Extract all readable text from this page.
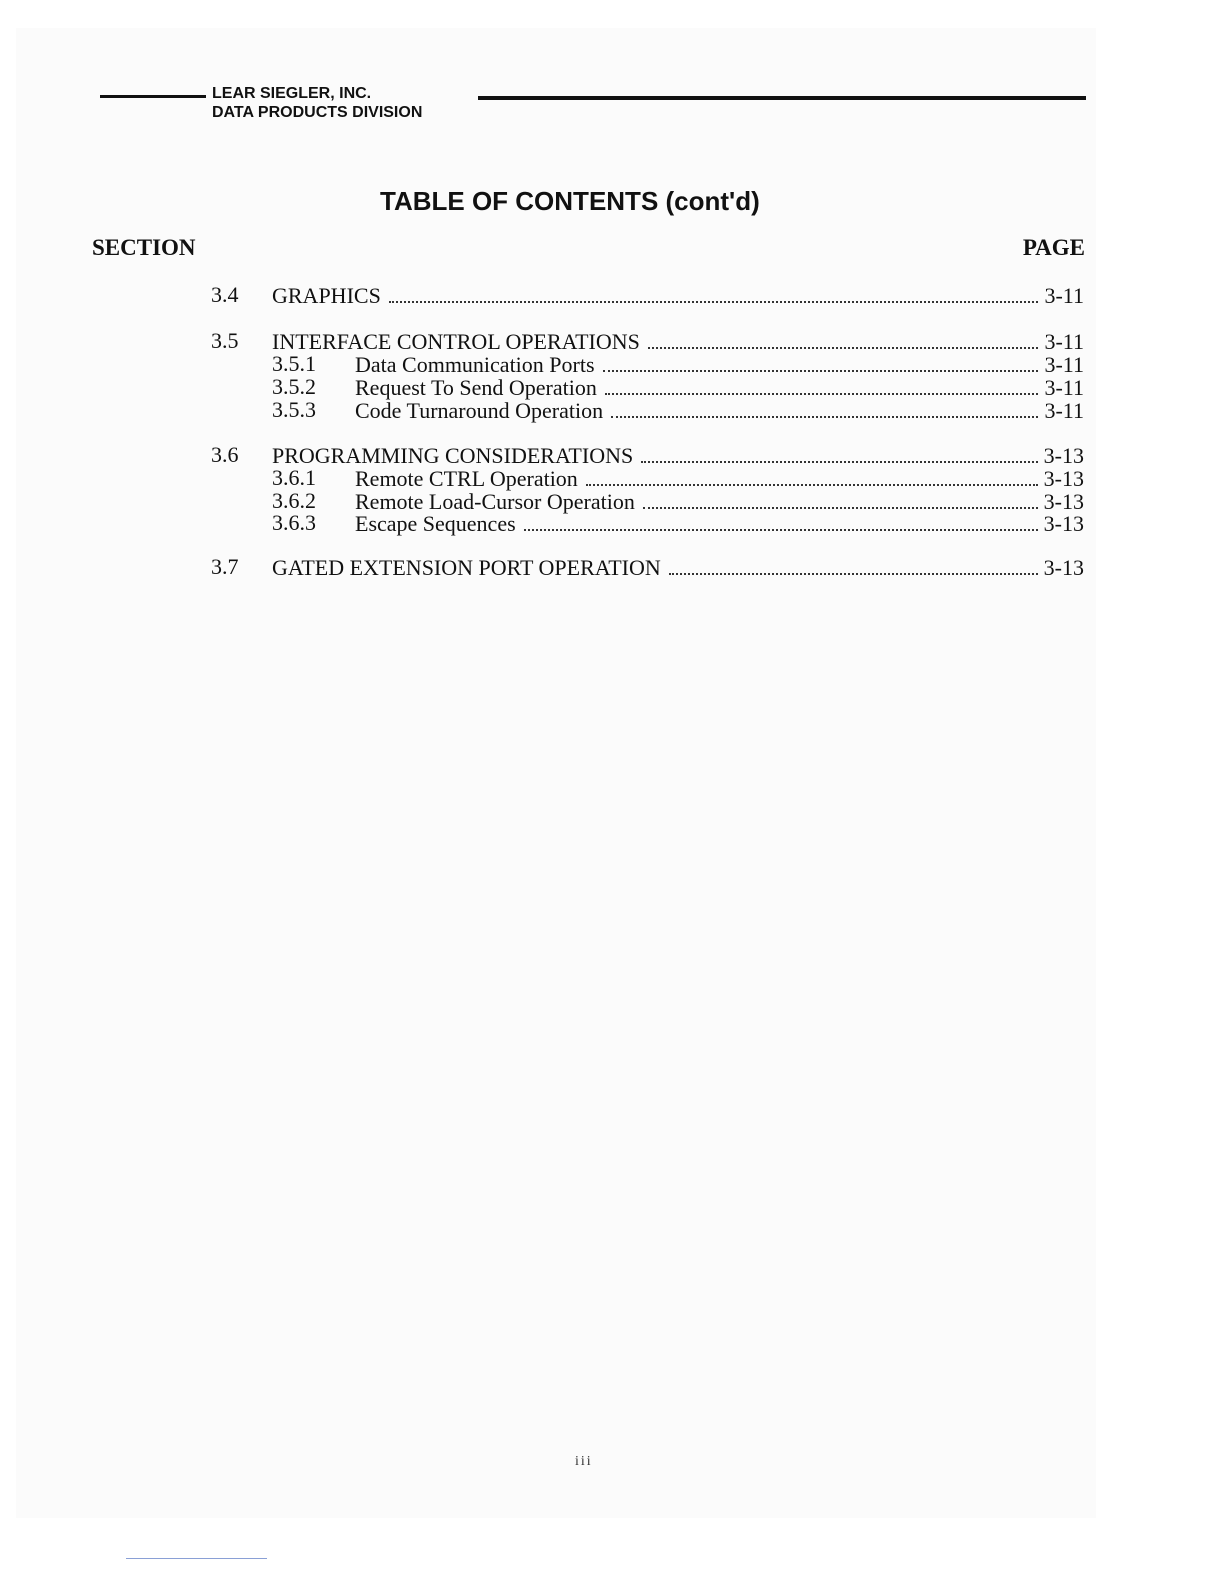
LEAR SIEGLER, INC.
DATA PRODUCTS DIVISION
TABLE OF CONTENTS (cont'd)
SECTION	PAGE
3.4 GRAPHICS	3-11
3.5 INTERFACE CONTROL OPERATIONS	3-11
3.5.1 Data Communication Ports	3-11
3.5.2 Request To Send Operation	3-11
3.5.3 Code Turnaround Operation	3-11
3.6 PROGRAMMING CONSIDERATIONS	3-13
3.6.1 Remote CTRL Operation	3-13
3.6.2 Remote Load-Cursor Operation	3-13
3.6.3 Escape Sequences	3-13
3.7 GATED EXTENSION PORT OPERATION	3-13
iii
